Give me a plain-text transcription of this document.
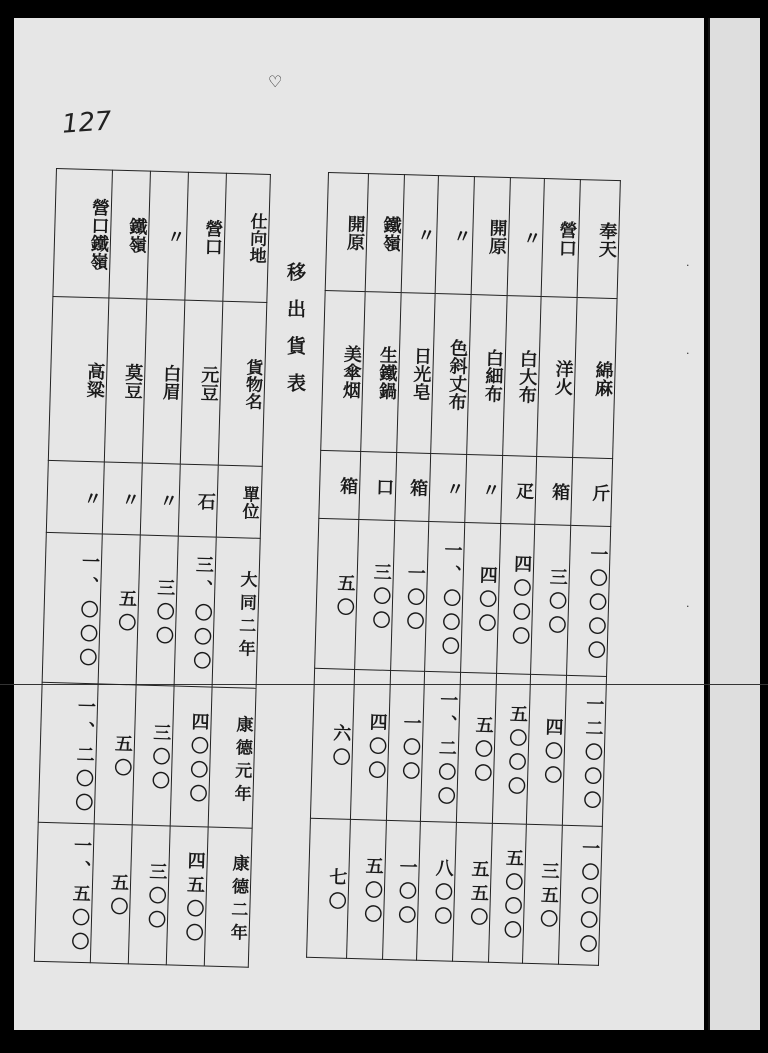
127
♡
營口鐵嶺	鐵嶺	〃	營口	仕向地
高粱	莫豆	白眉	元豆	貨物名
〃	〃	〃	石	單位
一、〇〇〇	五〇	三〇〇	三、〇〇〇	大同二年
一、二〇〇	五〇	三〇〇	四〇〇〇	康德元年
一、五〇〇	五〇	三〇〇	四五〇〇	康德二年
移出貨表
開原	鐵嶺	〃	〃	開原	〃	營口	奉天
美傘烟	生鐵鍋	日光皂	色斜丈布	白細布	白大布	洋火	綿麻
箱	口	箱	〃	〃	疋	箱	斤
五〇	三〇〇	一〇〇	一、〇〇〇	四〇〇	四〇〇〇	三〇〇	一〇〇〇〇
六〇	四〇〇	一〇〇	一、二〇〇	五〇〇	五〇〇〇	四〇〇	一二〇〇〇
七〇	五〇〇	一〇〇	八〇〇	五五〇	五〇〇〇	三五〇	一〇〇〇〇
·

·

·
